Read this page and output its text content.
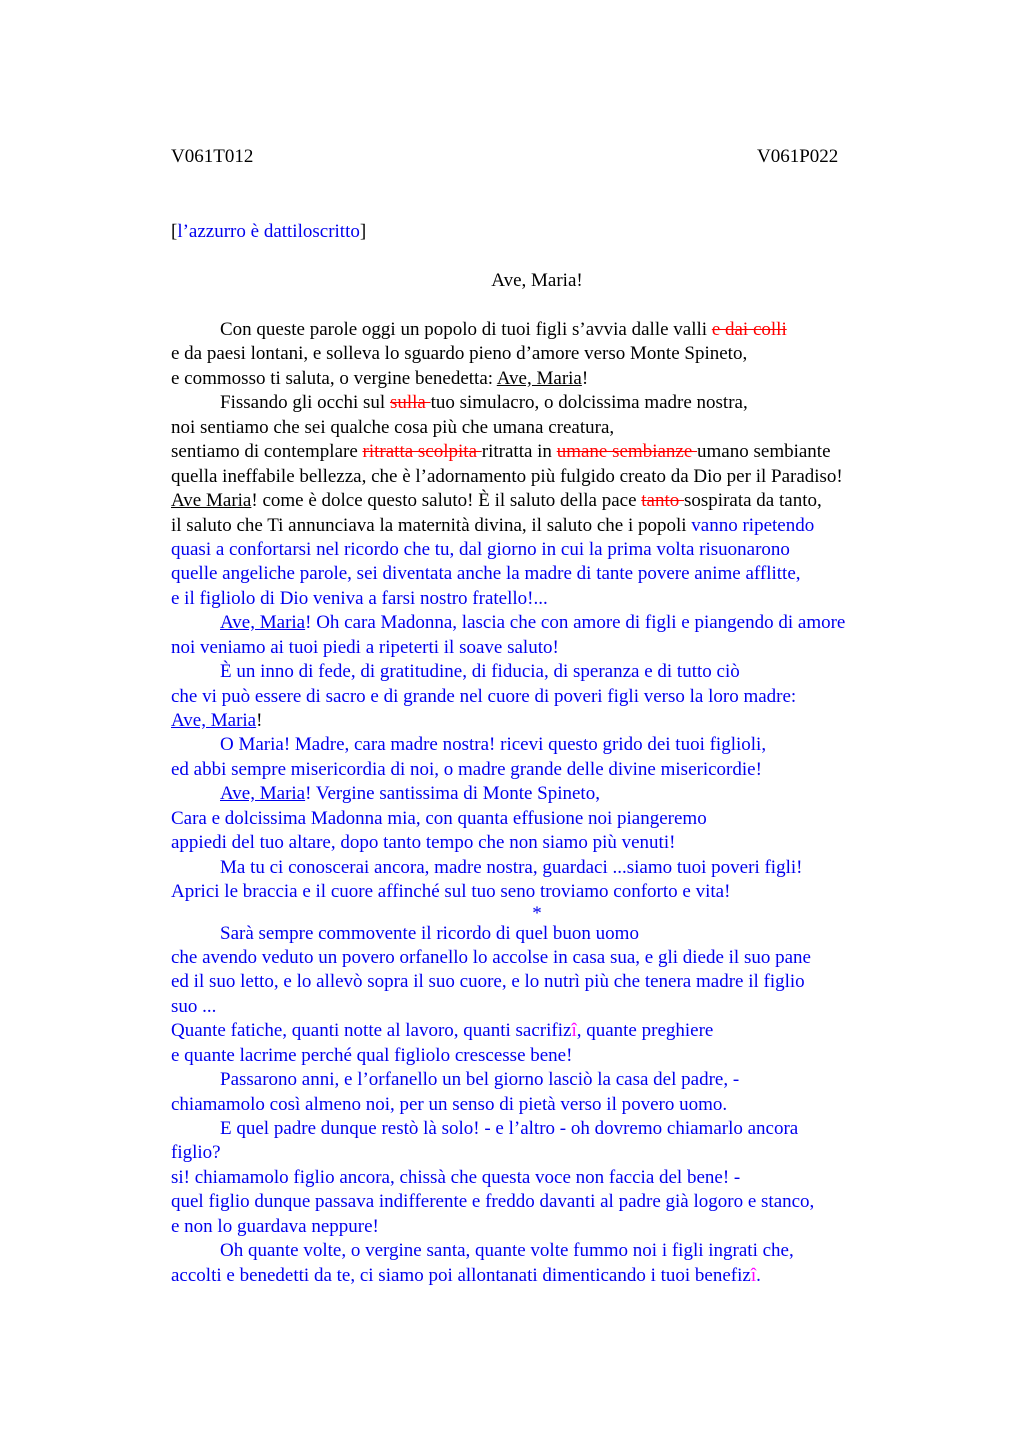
V061T012	V061P022
[l’azzurro è dattiloscritto]
Ave, Maria!
Con queste parole oggi un popolo di tuoi figli s’avvia dalle valli e dai colli
e da paesi lontani, e solleva lo sguardo pieno d’amore verso Monte Spineto,
e commosso ti saluta, o vergine benedetta: Ave, Maria!
Fissando gli occhi sul sulla tuo simulacro, o dolcissima madre nostra,
noi sentiamo che sei qualche cosa più che umana creatura,
sentiamo di contemplare ritratta scolpita ritratta in umane sembianze umano sembiante
quella ineffabile bellezza, che è l’adornamento più fulgido creato da Dio per il Paradiso!
Ave Maria! come è dolce questo saluto! È il saluto della pace tanto sospirata da tanto,
il saluto che Ti annunciava la maternità divina, il saluto che i popoli vanno ripetendo
quasi a confortarsi nel ricordo che tu, dal giorno in cui la prima volta risuonarono
quelle angeliche parole, sei diventata anche la madre di tante povere anime afflitte,
e il figliolo di Dio veniva a farsi nostro fratello!...
Ave, Maria! Oh cara Madonna, lascia che con amore di figli e piangendo di amore
noi veniamo ai tuoi piedi a ripeterti il soave saluto!
È un inno di fede, di gratitudine, di fiducia, di speranza e di tutto ciò
che vi può essere di sacro e di grande nel cuore di poveri figli verso la loro madre:
Ave, Maria!
O Maria! Madre, cara madre nostra! ricevi questo grido dei tuoi figlioli,
ed abbi sempre misericordia di noi, o madre grande delle divine misericordie!
Ave, Maria! Vergine santissima di Monte Spineto,
Cara e dolcissima Madonna mia, con quanta effusione noi piangeremo
appiedi del tuo altare, dopo tanto tempo che non siamo più venuti!
Ma tu ci conoscerai ancora, madre nostra, guardaci ...siamo tuoi poveri figli!
Aprici le braccia e il cuore affinché sul tuo seno troviamo conforto e vita!
*
Sarà sempre commovente il ricordo di quel buon uomo
che avendo veduto un povero orfanello lo accolse in casa sua, e gli diede il suo pane
ed il suo letto, e lo allevò sopra il suo cuore, e lo nutrì più che tenera madre il figlio
suo ...
Quante fatiche, quanti notte al lavoro, quanti sacrifizî, quante preghiere
e quante lacrime perché qual figliolo crescesse bene!
Passarono anni, e l’orfanello un bel giorno lasciò la casa del padre, -
chiamamolo così almeno noi, per un senso di pietà verso il povero uomo.
E quel padre dunque restò là solo! - e l’altro - oh dovremo chiamarlo ancora
figlio?
si! chiamamolo figlio ancora, chissà che questa voce non faccia del bene! -
quel figlio dunque passava indifferente e freddo davanti al padre già logoro e stanco,
e non lo guardava neppure!
Oh quante volte, o vergine santa, quante volte fummo noi i figli ingrati che,
accolti e benedetti da te, ci siamo poi allontanati dimenticando i tuoi benefizî.
